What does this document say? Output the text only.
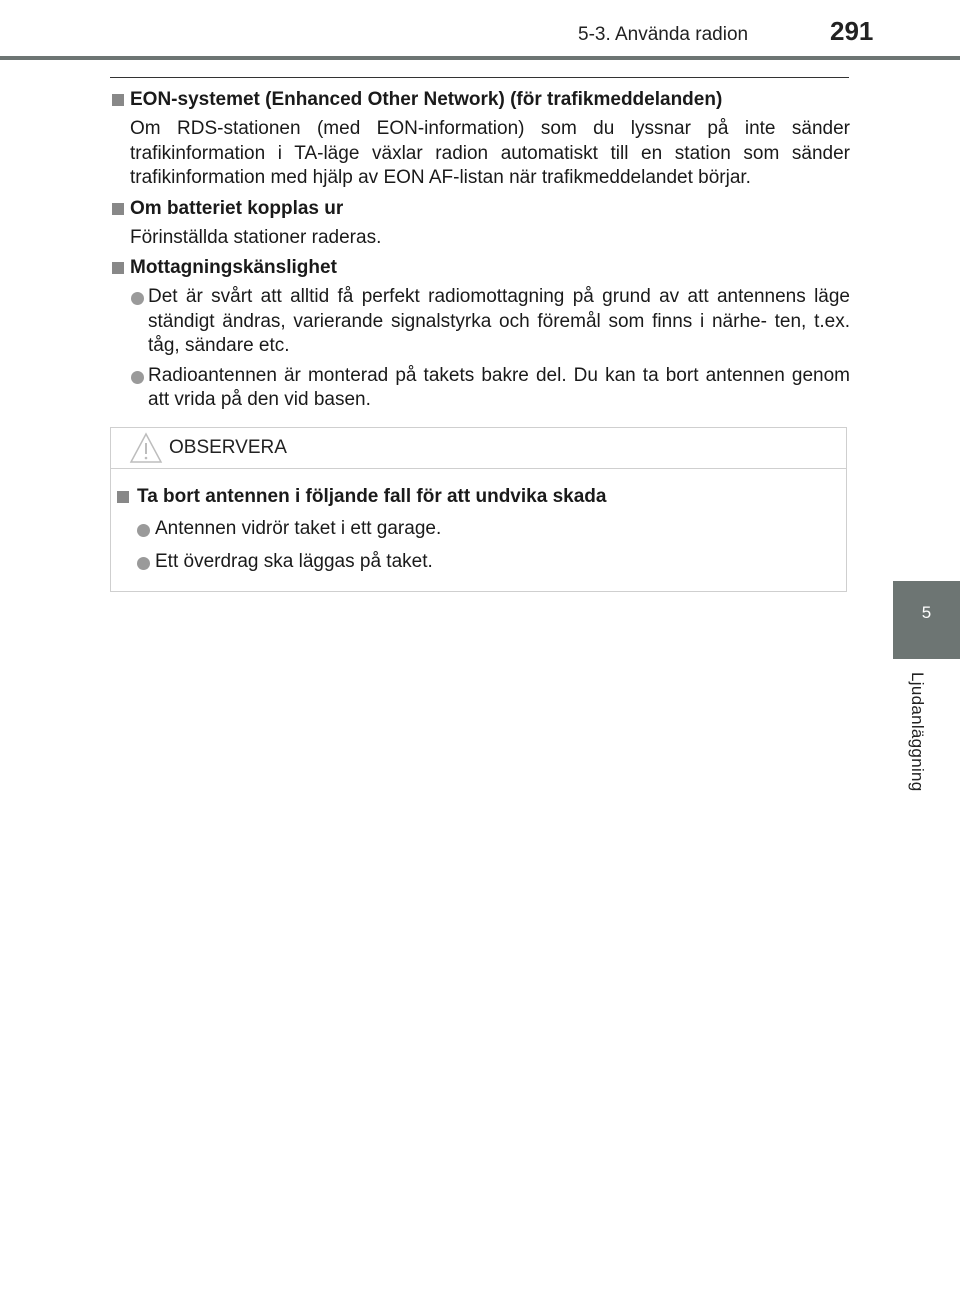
5-3. Använda radion	291
5
Ljudanläggning
EON-systemet (Enhanced Other Network) (för trafikmeddelanden)
Om RDS-stationen (med EON-information) som du lyssnar på inte sänder trafikinformation i TA-läge växlar radion automatiskt till en station som sänder trafikinformation med hjälp av EON AF-listan när trafikmeddelandet börjar.
Om batteriet kopplas ur
Förinställda stationer raderas.
Mottagningskänslighet
Det är svårt att alltid få perfekt radiomottagning på grund av att antennens läge ständigt ändras, varierande signalstyrka och föremål som finns i närhe- ten, t.ex. tåg, sändare etc.
Radioantennen är monterad på takets bakre del. Du kan ta bort antennen genom att vrida på den vid basen.
OBSERVERA
Ta bort antennen i följande fall för att undvika skada
Antennen vidrör taket i ett garage.
Ett överdrag ska läggas på taket.
